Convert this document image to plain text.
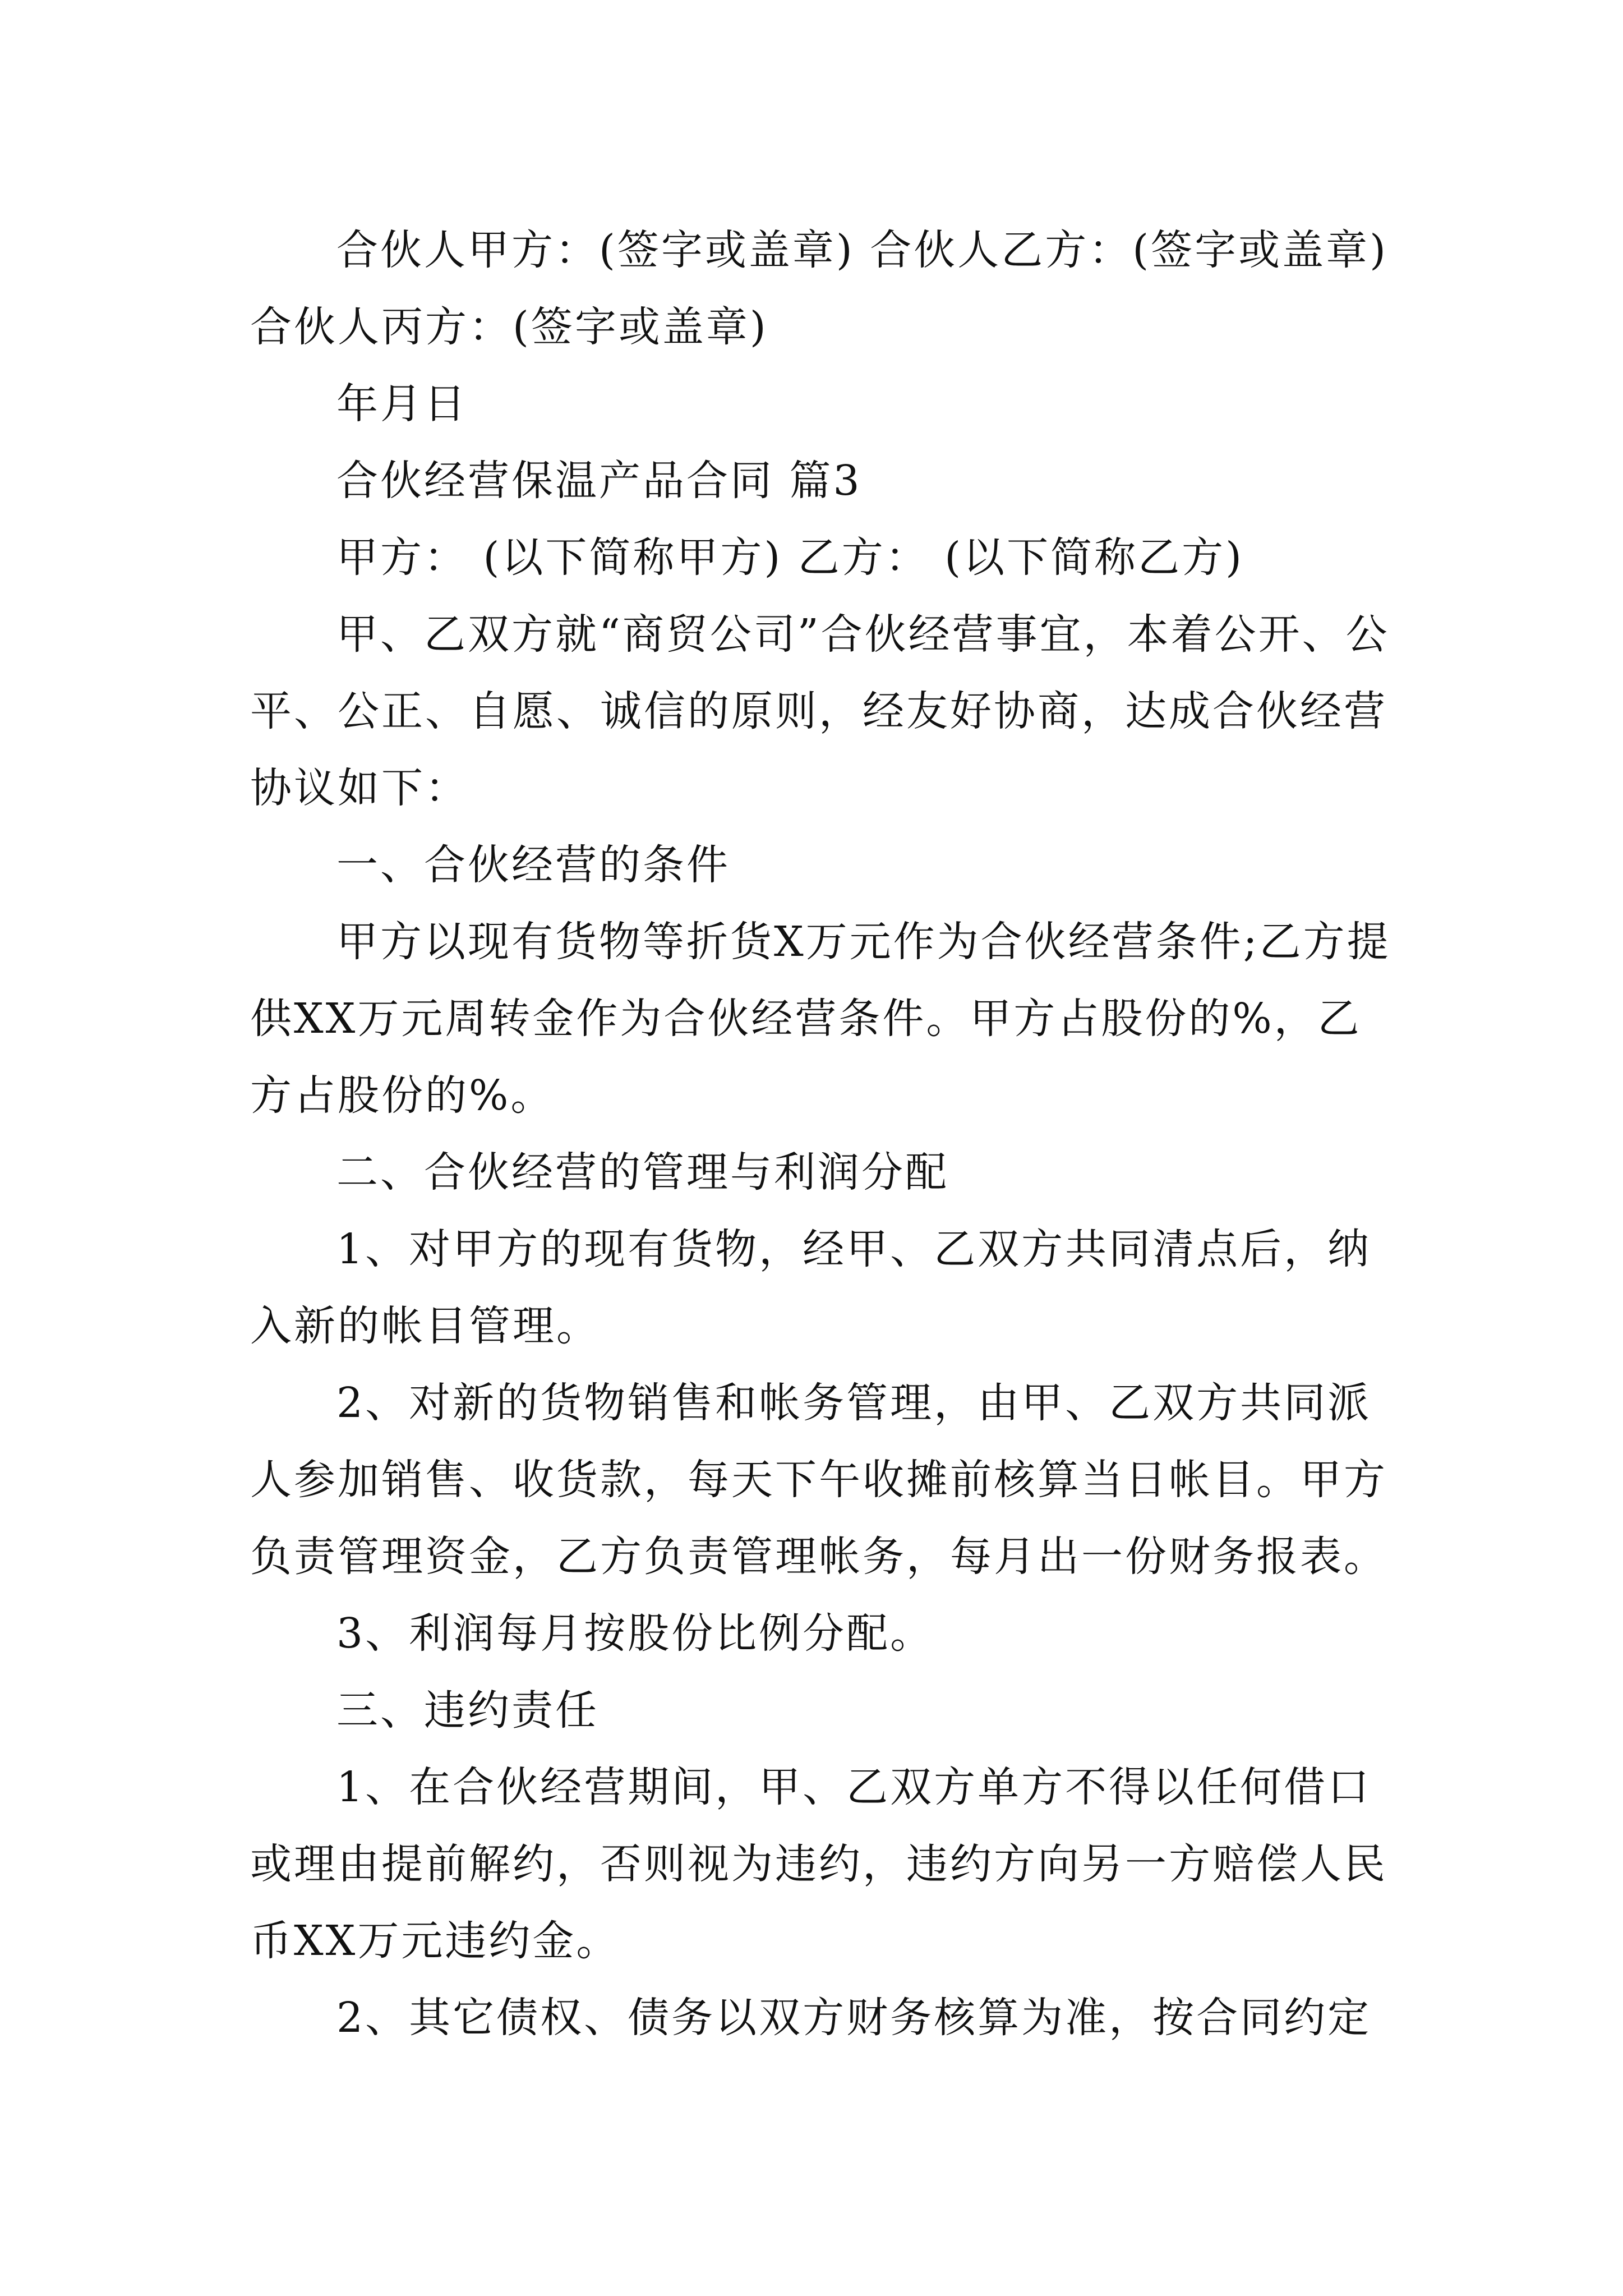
合伙人甲方：(签字或盖章) 合伙人乙方：(签字或盖章) 合伙人丙方：(签字或盖章)

年月日

合伙经营保温产品合同 篇3

甲方： (以下简称甲方) 乙方： (以下简称乙方)

甲、乙双方就“商贸公司”合伙经营事宜，本着公开、公平、公正、自愿、诚信的原则，经友好协商，达成合伙经营协议如下：

一、合伙经营的条件

甲方以现有货物等折货X万元作为合伙经营条件;乙方提供XX万元周转金作为合伙经营条件。甲方占股份的%，乙方占股份的%。

二、合伙经营的管理与利润分配

1、对甲方的现有货物，经甲、乙双方共同清点后，纳入新的帐目管理。

2、对新的货物销售和帐务管理，由甲、乙双方共同派人参加销售、收货款，每天下午收摊前核算当日帐目。甲方负责管理资金，乙方负责管理帐务，每月出一份财务报表。

3、利润每月按股份比例分配。

三、违约责任

1、在合伙经营期间，甲、乙双方单方不得以任何借口或理由提前解约，否则视为违约，违约方向另一方赔偿人民币XX万元违约金。

2、其它债权、债务以双方财务核算为准，按合同约定
